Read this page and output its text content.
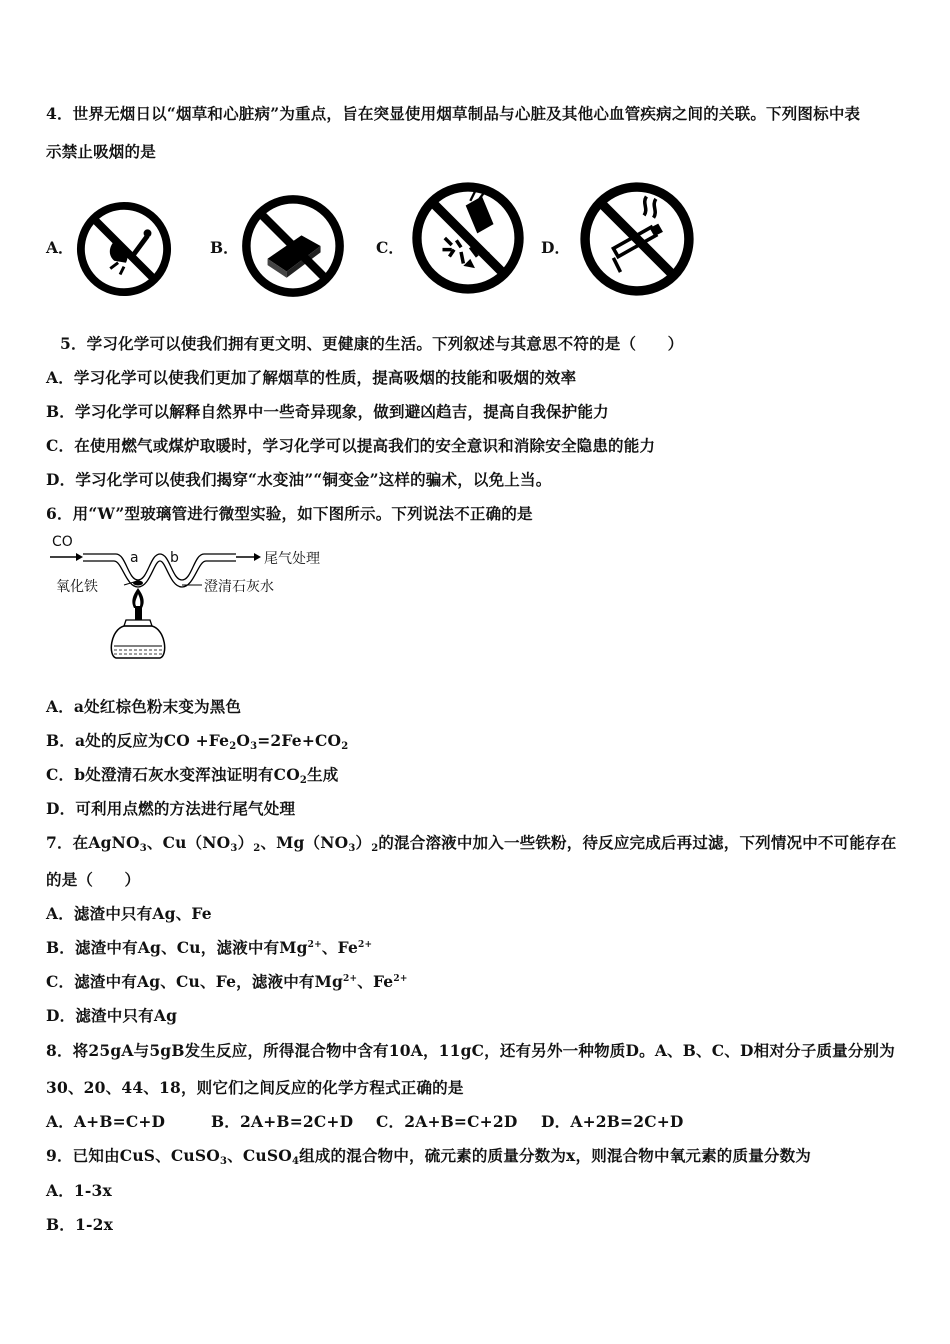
4．世界无烟日以“烟草和心脏病”为重点，旨在突显使用烟草制品与心脏及其他心血管疾病之间的关联。下列图标中表
示禁止吸烟的是
A．	B．	C．	D．
5．学习化学可以使我们拥有更文明、更健康的生活。下列叙述与其意思不符的是（　　）
A．学习化学可以使我们更加了解烟草的性质，提高吸烟的技能和吸烟的效率
B．学习化学可以解释自然界中一些奇异现象，做到避凶趋吉，提高自我保护能力
C．在使用燃气或煤炉取暖时，学习化学可以提高我们的安全意识和消除安全隐患的能力
D．学习化学可以使我们揭穿“水变油”“铜变金”这样的骗术，以免上当。
6．用“W”型玻璃管进行微型实验，如下图所示。下列说法不正确的是
CO
a b	尾气处理
氧化铁	澄清石灰水
A．a处红棕色粉末变为黑色
B．a处的反应为CO $+Fe_2O_3=2Fe+CO_2$
C．b处澄清石灰水变浑浊证明有$CO_2$生成
D．可利用点燃的方法进行尾气处理
7．在AgNO$_3$、$Cu(NO_3)_2$、$Mg(NO_3)_2$的混合溶液中加入一些铁粉，待反应完成后再过滤，下列情况中不可能存在
的是（　　）
A．滤渣中只有Ag、Fe
B．滤渣中有Ag、Cu，滤液中有$Mg^{2+}$、$Fe^{2+}$
C．滤渣中有Ag、Cu、Fe，滤液中有$Mg^{2+}$、$Fe^{2+}$
D．滤渣中只有Ag
8．将25gA与5gB发生反应，所得混合物中含有10A，11gC，还有另外一种物质D。A、B、C、D相对分子质量分别为
30、20、44、18，则它们之间反应的化学方程式正确的是
A．A+B=C+D	B．2A+B=2C+D C．2A+B=C+2D D．A+2B=2C+D
9．已知由CuS、CuSO$_3$、CuSO$_4$组成的混合物中，硫元素的质量分数为x，则混合物中氧元素的质量分数为
A．1-3x
B．1-2x
